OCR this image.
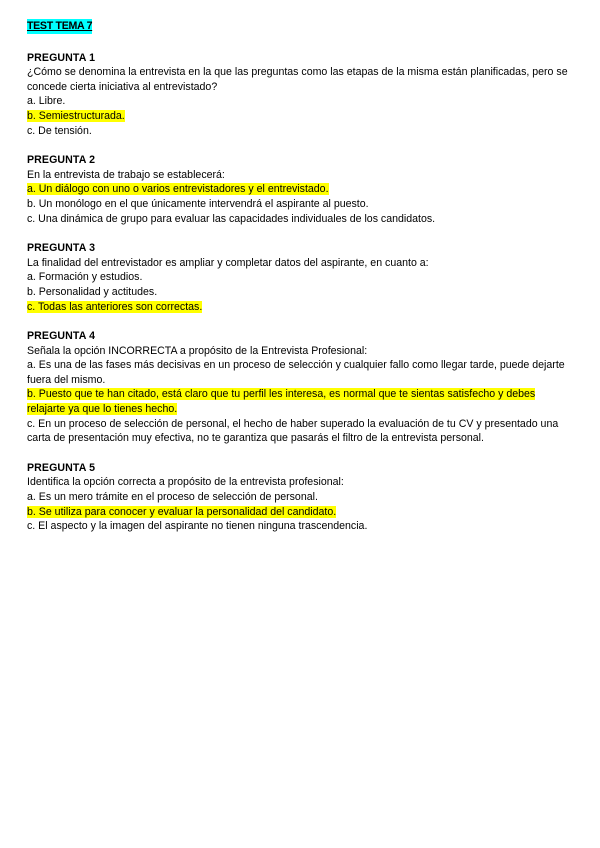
TEST TEMA 7
PREGUNTA 1
¿Cómo se denomina la entrevista en la que las preguntas como las etapas de la misma están planificadas, pero se concede cierta iniciativa al entrevistado?
a. Libre.
b. Semiestructurada.
c. De tensión.
PREGUNTA 2
En la entrevista de trabajo se establecerá:
a. Un diálogo con uno o varios entrevistadores y el entrevistado.
b. Un monólogo en el que únicamente intervendrá el aspirante al puesto.
c. Una dinámica de grupo para evaluar las capacidades individuales de los candidatos.
PREGUNTA 3
La finalidad del entrevistador es ampliar y completar datos del aspirante, en cuanto a:
a. Formación y estudios.
b. Personalidad y actitudes.
c. Todas las anteriores son correctas.
PREGUNTA 4
Señala la opción INCORRECTA a propósito de la Entrevista Profesional:
a. Es una de las fases más decisivas en un proceso de selección y cualquier fallo como llegar tarde, puede dejarte fuera del mismo.
b. Puesto que te han citado, está claro que tu perfil les interesa, es normal que te sientas satisfecho y debes relajarte ya que lo tienes hecho.
c. En un proceso de selección de personal, el hecho de haber superado la evaluación de tu CV y presentado una carta de presentación muy efectiva, no te garantiza que pasarás el filtro de la entrevista personal.
PREGUNTA 5
Identifica la opción correcta a propósito de la entrevista profesional:
a. Es un mero trámite en el proceso de selección de personal.
b. Se utiliza para conocer y evaluar la personalidad del candidato.
c. El aspecto y la imagen del aspirante no tienen ninguna trascendencia.
